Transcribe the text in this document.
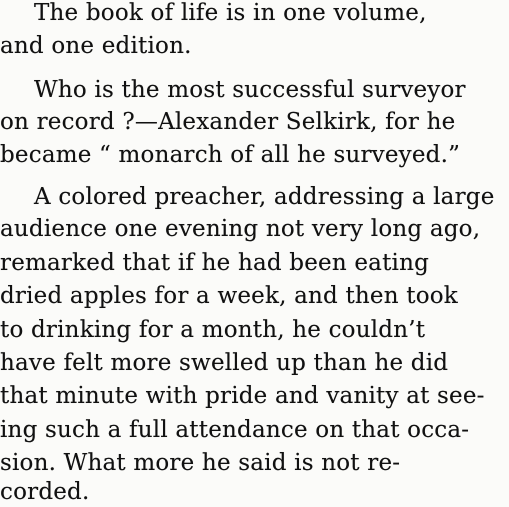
The book of life is in one volume,
and one edition.
Who is the most successful surveyor
on record ?—Alexander Selkirk, for he
became “ monarch of all he surveyed.”
A colored preacher, addressing a large
audience one evening not very long ago,
remarked that if he had been eating
dried apples for a week, and then took
to drinking for a month, he couldn’t
have felt more swelled up than he did
that minute with pride and vanity at see-
ing such a full attendance on that occa-
sion. What more he said is not re-
corded.
